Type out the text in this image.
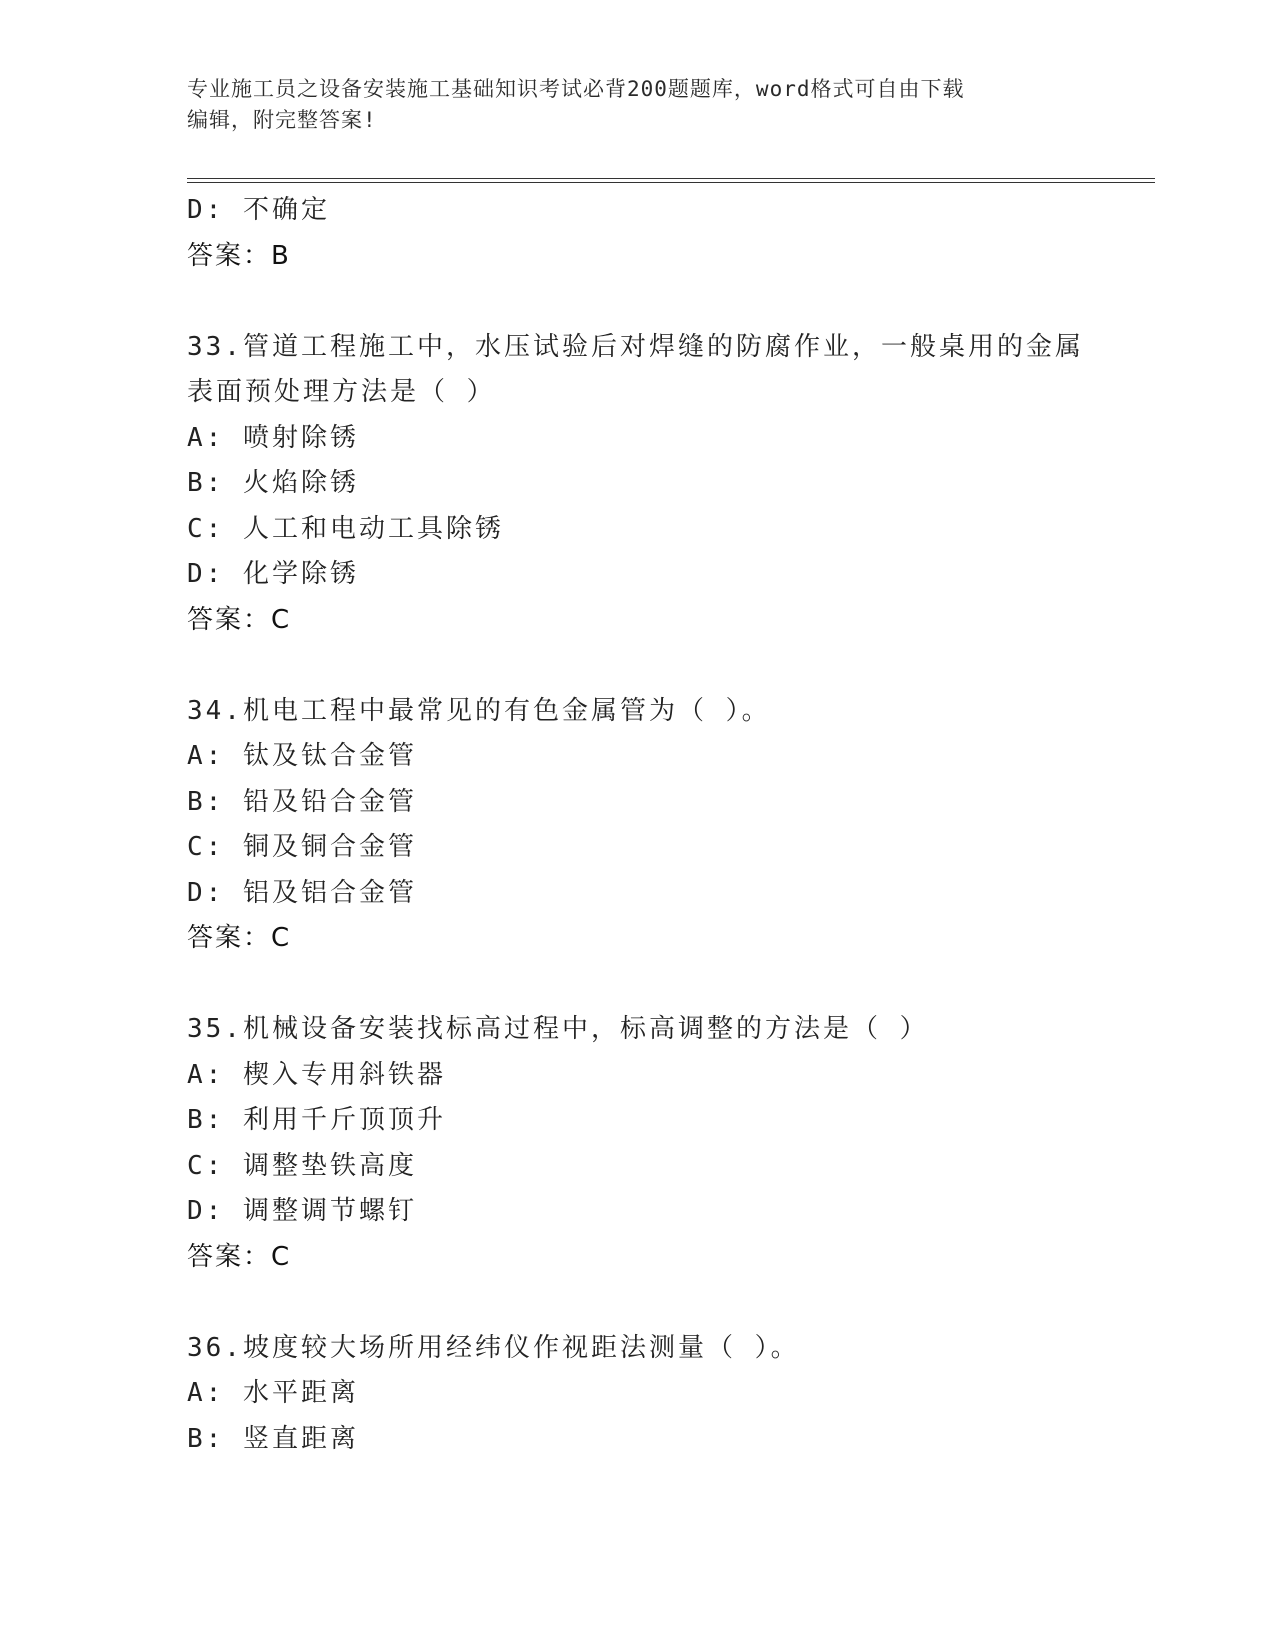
专业施工员之设备安装施工基础知识考试必背200题题库，word格式可自由下载
编辑，附完整答案!
D: 不确定
答案：B
33.管道工程施工中，水压试验后对焊缝的防腐作业，一般桌用的金属
表面预处理方法是（ ）
A: 喷射除锈
B: 火焰除锈
C: 人工和电动工具除锈
D: 化学除锈
答案：C
34.机电工程中最常见的有色金属管为（ ）。
A: 钛及钛合金管
B: 铅及铅合金管
C: 铜及铜合金管
D: 铝及铝合金管
答案：C
35.机械设备安装找标高过程中，标高调整的方法是（ ）
A: 楔入专用斜铁器
B: 利用千斤顶顶升
C: 调整垫铁高度
D: 调整调节螺钉
答案：C
36.坡度较大场所用经纬仪作视距法测量（ ）。
A: 水平距离
B: 竖直距离
